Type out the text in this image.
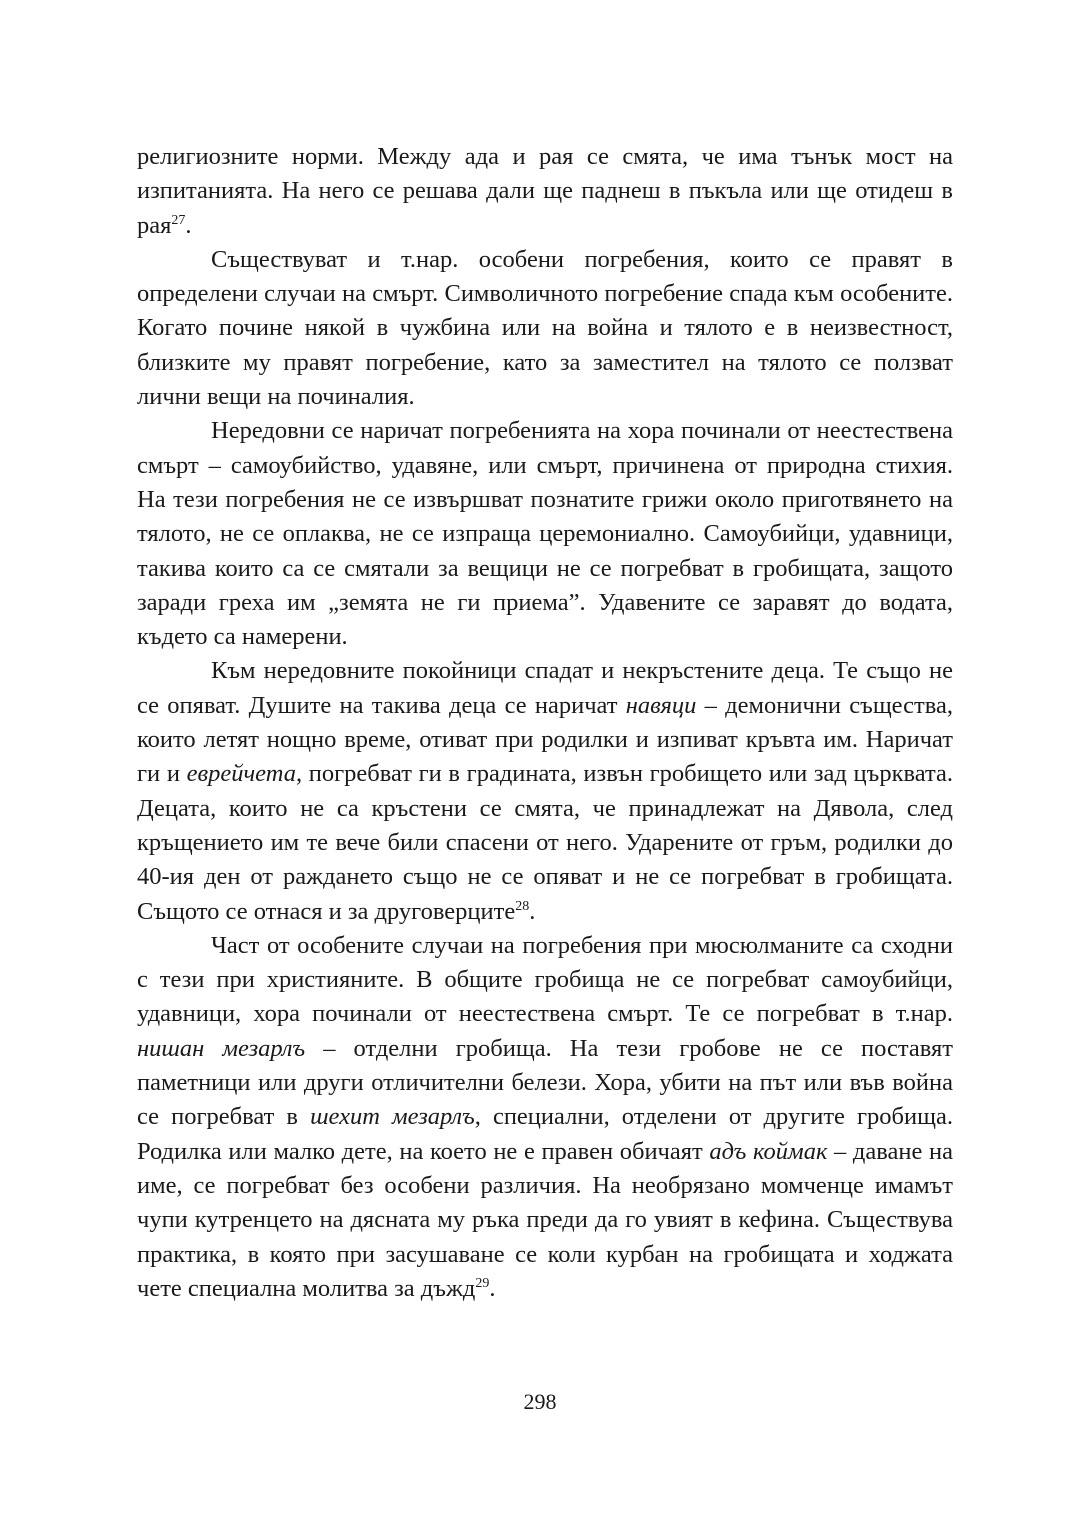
религиозните норми. Между ада и рая се смята, че има тънък мост на изпитанията. На него се решава дали ще паднеш в пъкъла или ще отидеш в рая$^{27}$.

Съществуват и т.нар. особени погребения, които се правят в определени случаи на смърт. Символичното погребение спада към особените. Когато почине някой в чужбина или на война и тялото е в неизвестност, близките му правят погребение, като за заместител на тялото се ползват лични вещи на починалия.

Нередовни се наричат погребенията на хора починали от неестествена смърт – самоубийство, удавяне, или смърт, причинена от природна стихия. На тези погребения не се извършват познатите грижи около приготвянето на тялото, не се оплаква, не се изпраща церемониално. Самоубийци, удавници, такива които са се смятали за вещици не се погребват в гробищата, защото заради греха им „земята не ги приема”. Удавените се заравят до водата, където са намерени.

Към нередовните покойници спадат и некръстените деца. Те също не се опяват. Душите на такива деца се наричат навяци – демонични същества, които летят нощно време, отиват при родилки и изпиват кръвта им. Наричат ги и еврейчета, погребват ги в градината, извън гробището или зад църквата. Децата, които не са кръстени се смята, че принадлежат на Дявола, след кръщението им те вече били спасени от него. Ударените от гръм, родилки до 40-ия ден от раждането също не се опяват и не се погребват в гробищата. Същото се отнася и за друговерците$^{28}$.

Част от особените случаи на погребения при мюсюлманите са сходни с тези при християните. В общите гробища не се погребват самоубийци, удавници, хора починали от неестествена смърт. Те се погребват в т.нар. нишан мезарлъ – отделни гробища. На тези гробове не се поставят паметници или други отличителни белези. Хора, убити на път или във война се погребват в шехит мезарлъ, специални, отделени от другите гробища. Родилка или малко дете, на което не е правен обичаят адъ коймак – даване на име, се погребват без особени различия. На необрязано момченце имамът чупи кутренцето на дясната му ръка преди да го увият в кефина. Съществува практика, в която при засушаване се коли курбан на гробищата и ходжата чете специална молитва за дъжд$^{29}$.

298
